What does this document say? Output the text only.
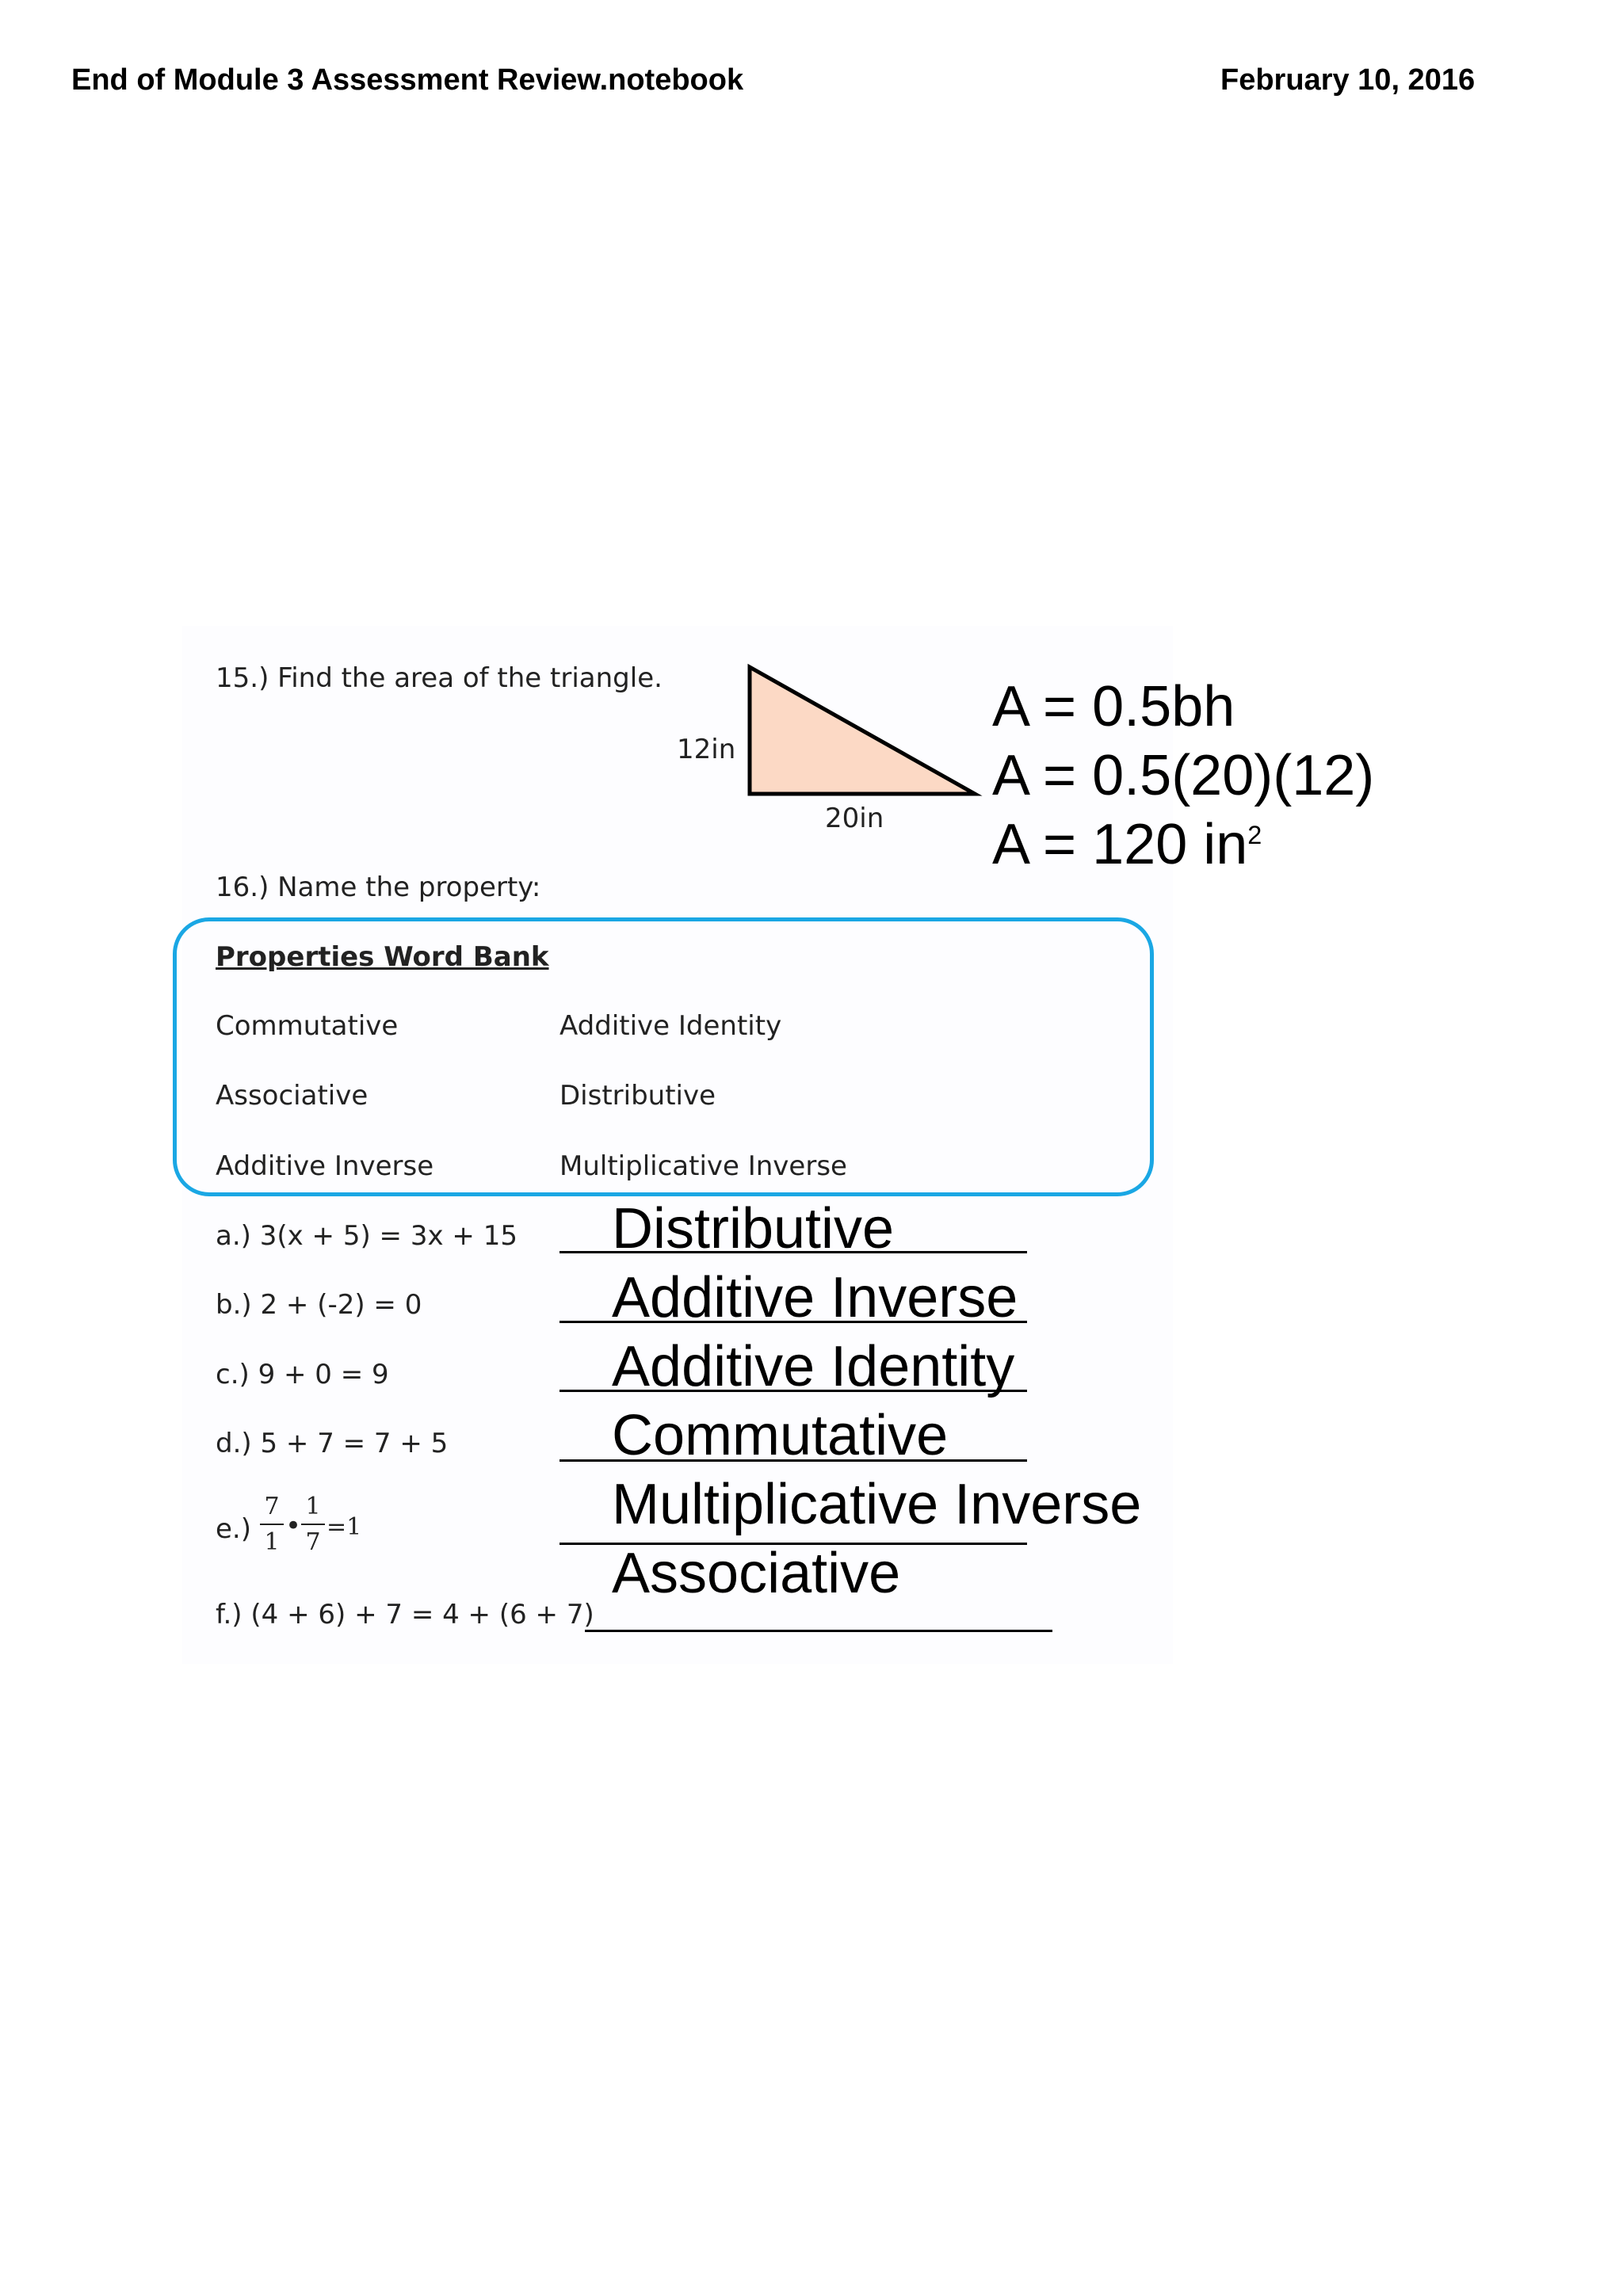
End of Module 3 Assessment Review.notebook	February 10, 2016
15.) Find the area of the triangle.
12in
20in
A = 0.5bh
A = 0.5(20)(12)
A = 120 $in^2$
16.) Name the property:
Properties Word Bank
Commutative
Associative
Additive Inverse
Additive Identity
Distributive
Multiplicative Inverse
a.) 3(x + 5) = 3x + 15
b.) 2 + (-2) = 0
c.) 9 + 0 = 9
d.) 5 + 7 = 7 + 5
$e.) \frac{7}{1}$ • $\frac{1}{7} =1$
f.) (4 + 6) + 7 = 4 + (6 + 7)
Distributive
Additive Inverse
Additive Identity
Commutative
Multiplicative Inverse
Associative
